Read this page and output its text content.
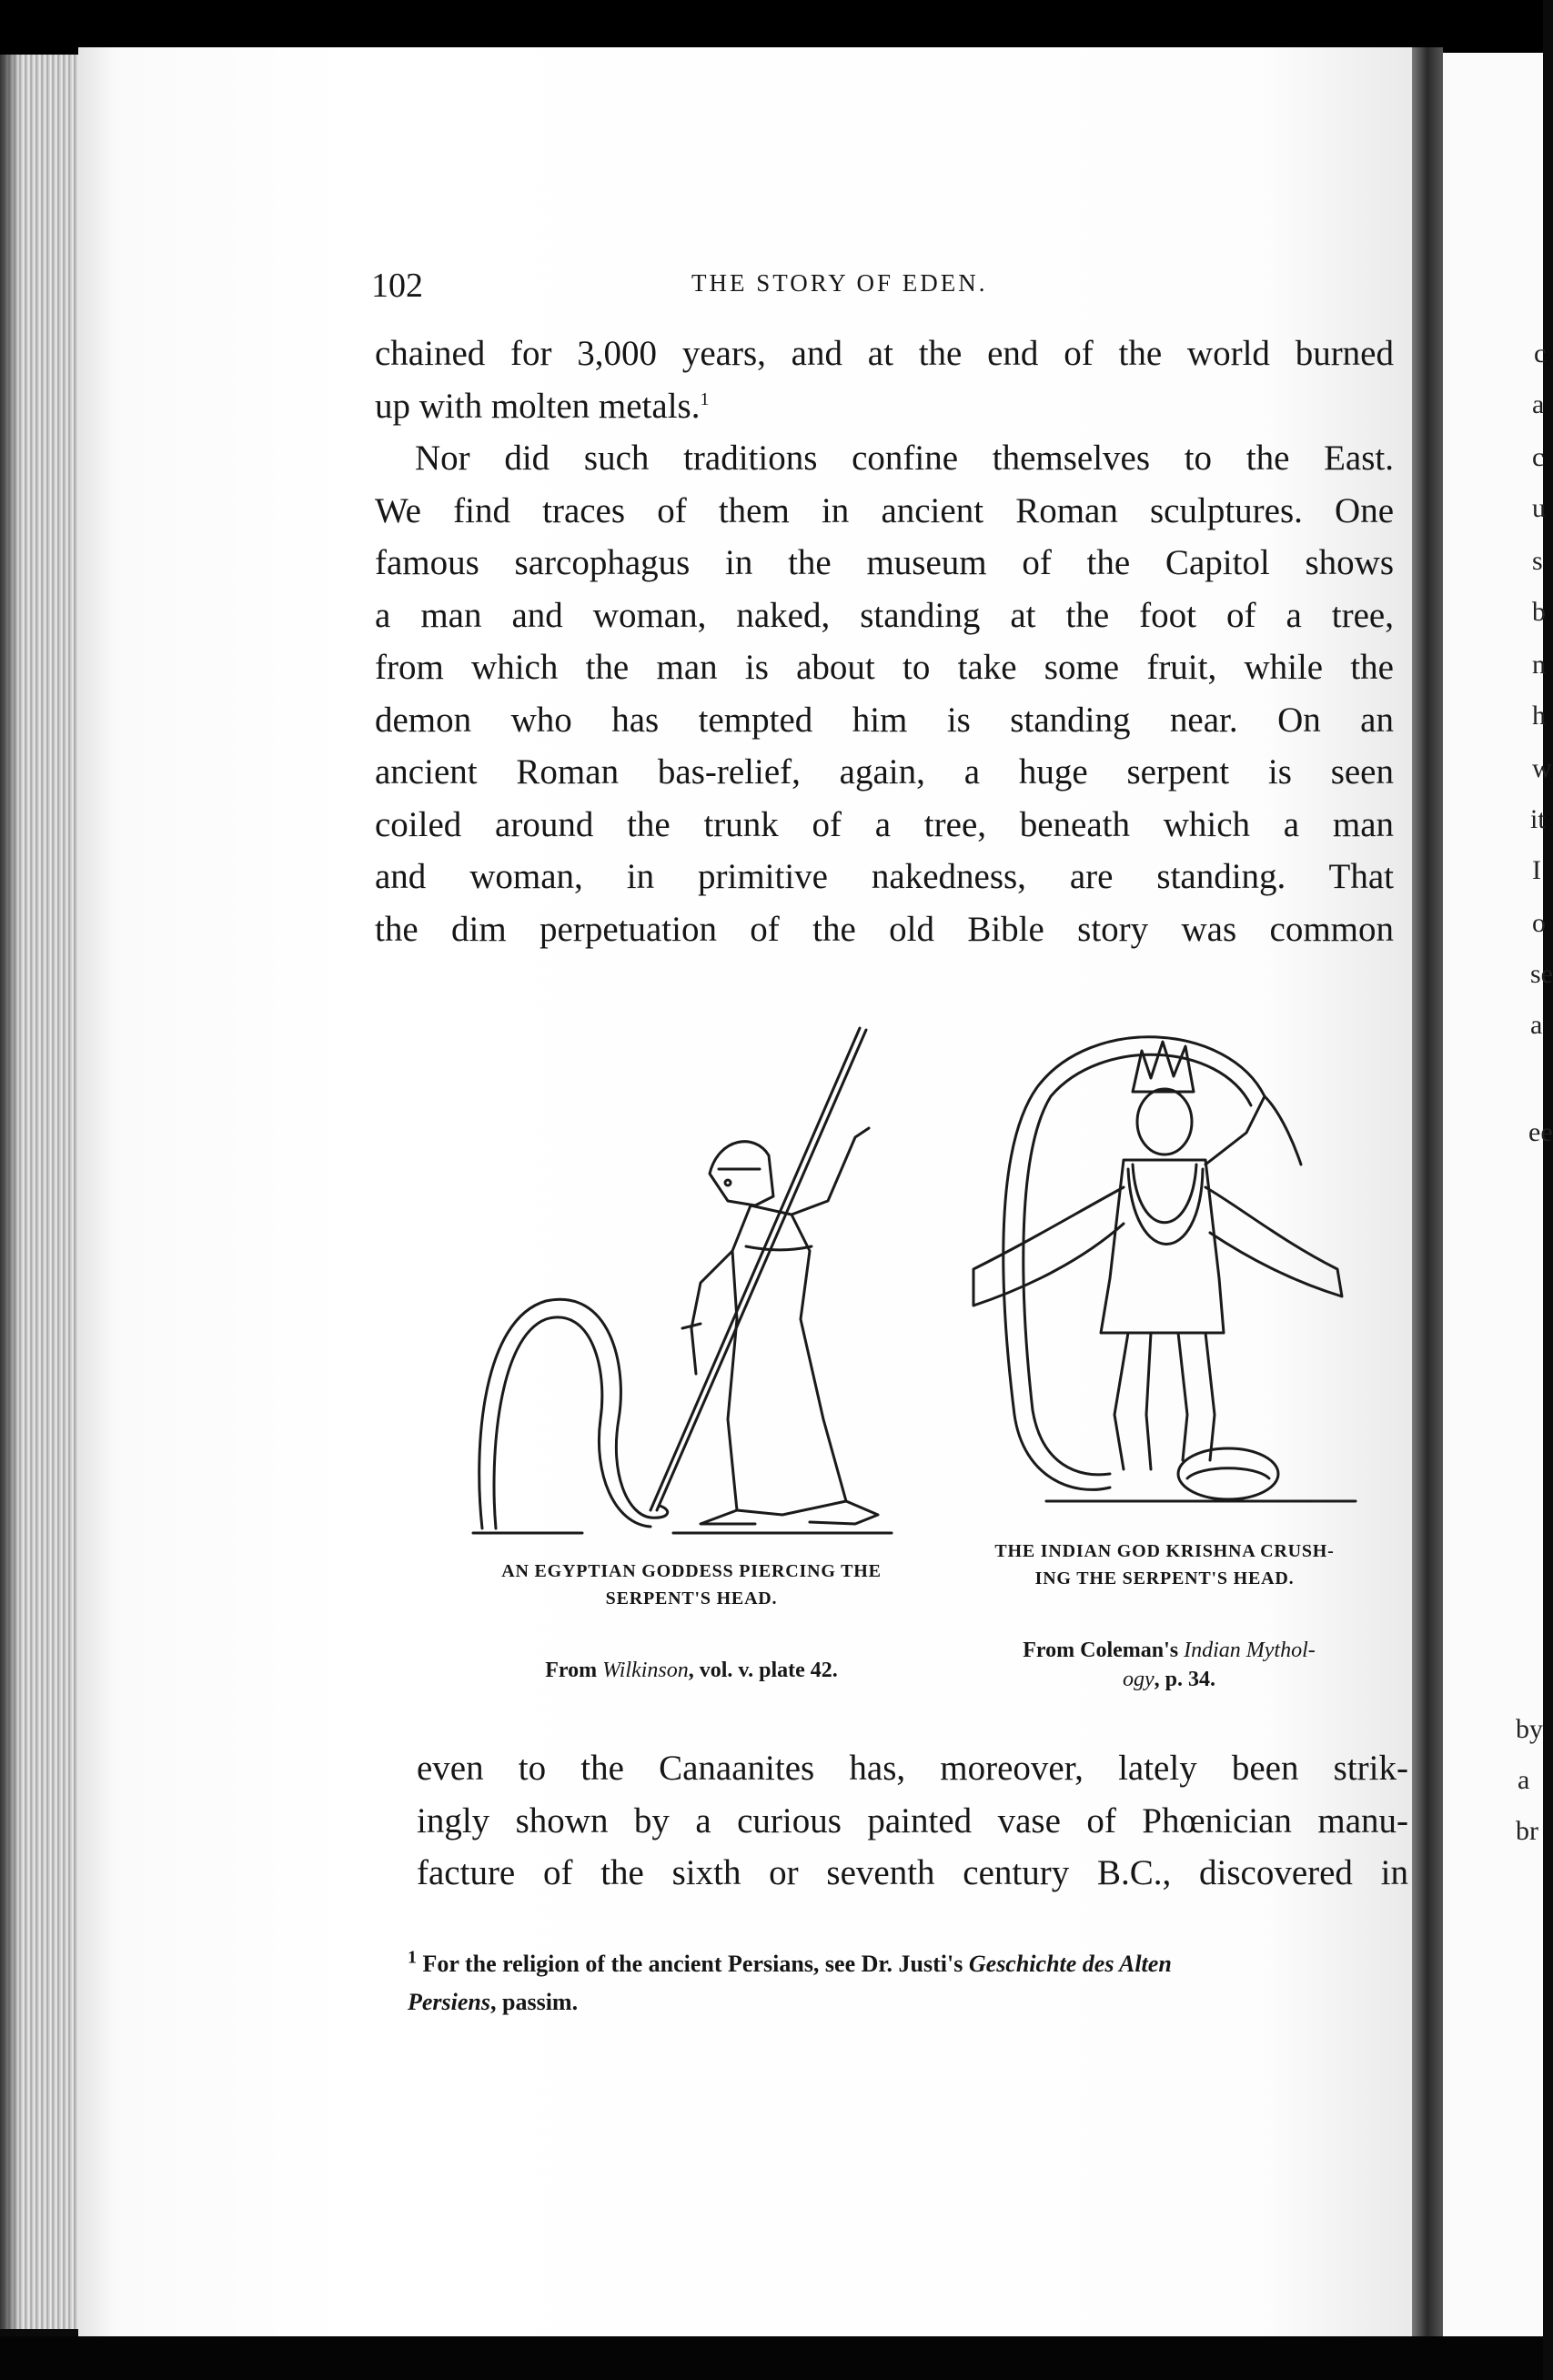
102	THE STORY OF EDEN.
chained for 3,000 years, and at the end of the world burned
up with molten metals.$^1$
Nor did such traditions confine themselves to the East.
We find traces of them in ancient Roman sculptures. One
famous sarcophagus in the museum of the Capitol shows
a man and woman, naked, standing at the foot of a tree,
from which the man is about to take some fruit, while the
demon who has tempted him is standing near. On an
ancient Roman bas-relief, again, a huge serpent is seen
coiled around the trunk of a tree, beneath which a man
and woman, in primitive nakedness, are standing. That
the dim perpetuation of the old Bible story was common
AN EGYPTIAN GODDESS PIERCING THE
SERPENT'S HEAD.
From Wilkinson, vol. v. plate 42.
THE INDIAN GOD KRISHNA CRUSH-
ING THE SERPENT'S HEAD.
From Coleman's Indian Mythol-
ogy, p. 34.
even to the Canaanites has, moreover, lately been strik-
ingly shown by a curious painted vase of Phœnician manu-
facture of the sixth or seventh century B.C., discovered in
$^1$ For the religion of the ancient Persians, see Dr. Justi's Geschichte des Alten
Persiens, passim.
c
a
c
u
s
b
n
h
w
it
I
o
se
a
ee
by
a
br
